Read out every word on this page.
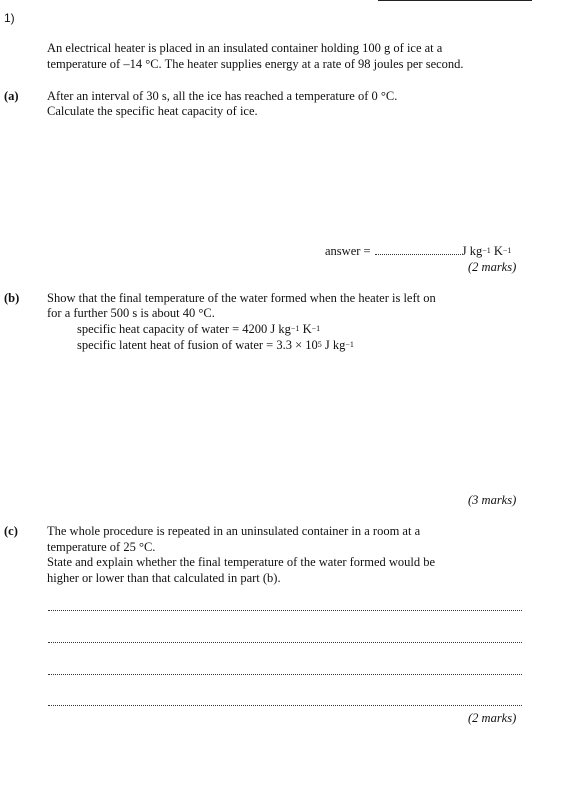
1)
An electrical heater is placed in an insulated container holding 100 g of ice at a
temperature of –14 °C. The heater supplies energy at a rate of 98 joules per second.
(a) After an interval of 30 s, all the ice has reached a temperature of 0 °C.
Calculate the specific heat capacity of ice.
answer =	J $kg^{-1}$ $K^{-1}$
(2 marks)
(b) Show that the final temperature of the water formed when the heater is left on
for a further 500 s is about 40 °C.
specific heat capacity of water = 4200 J $kg^{-1}$ $K^{-1}$
specific latent heat of fusion of water = $3.3 \times 10^5$ J $kg^{-1}$
(3 marks)
(c) The whole procedure is repeated in an uninsulated container in a room at a
temperature of 25 °C.
State and explain whether the final temperature of the water formed would be
higher or lower than that calculated in part (b).
(2 marks)
